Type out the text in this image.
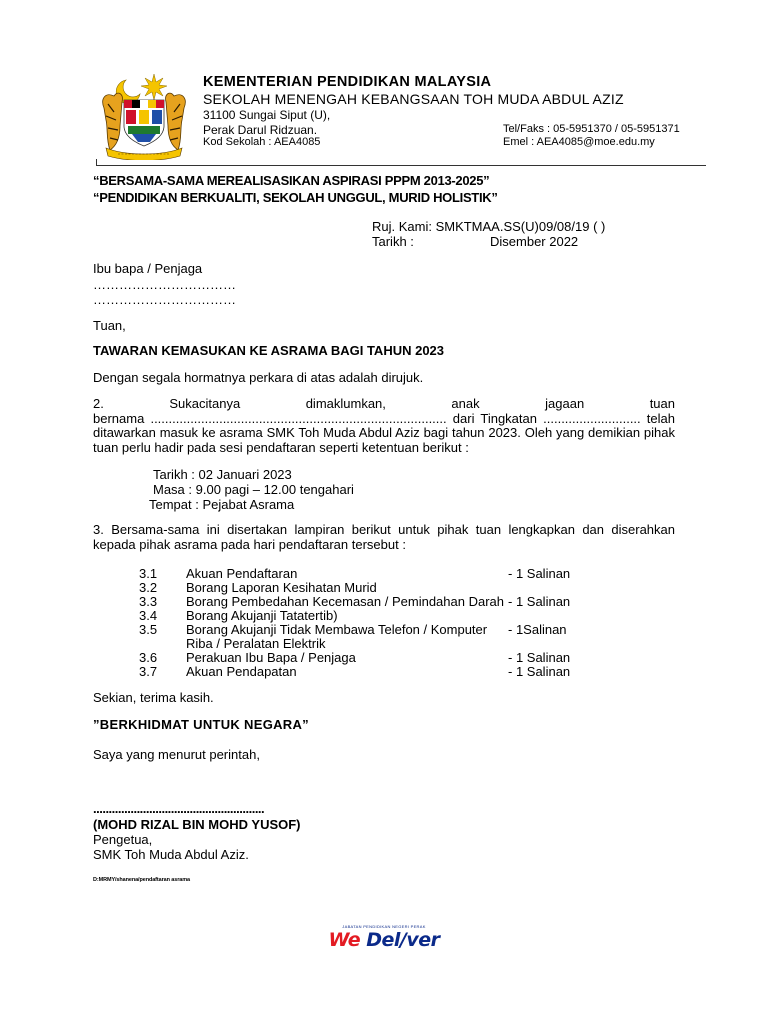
KEMENTERIAN PENDIDIKAN MALAYSIA
SEKOLAH MENENGAH KEBANGSAAN TOH MUDA ABDUL AZIZ
31100 Sungai Siput (U),
Perak Darul Ridzuan.
Kod Sekolah : AEA4085
Tel/Faks : 05-5951370 / 05-5951371
Emel : AEA4085@moe.edu.my
“BERSAMA-SAMA MEREALISASIKAN ASPIRASI PPPM 2013-2025”
“PENDIDIKAN BERKUALITI, SEKOLAH UNGGUL, MURID HOLISTIK”
Ruj. Kami: SMKTMAA.SS(U)09/08/19 ( )
Tarikh :	Disember 2022
Ibu bapa / Penjaga
……………………………
……………………………
Tuan,
TAWARAN KEMASUKAN KE ASRAMA BAGI TAHUN 2023
Dengan segala hormatnya perkara di atas adalah dirujuk.
2. Sukacitanya dimaklumkan, anak jagaan tuan
bernama .................................................................................. dari Tingkatan ........................... telah
ditawarkan masuk ke asrama SMK Toh Muda Abdul Aziz bagi tahun 2023. Oleh yang demikian pihak
tuan perlu hadir pada sesi pendaftaran seperti ketentuan berikut :
Tarikh : 02 Januari 2023
Masa : 9.00 pagi – 12.00 tengahari
Tempat : Pejabat Asrama
3. Bersama-sama ini disertakan lampiran berikut untuk pihak tuan lengkapkan dan diserahkan
kepada pihak asrama pada hari pendaftaran tersebut :
3.1 Akuan Pendaftaran	- 1 Salinan
3.2 Borang Laporan Kesihatan Murid
3.3 Borang Pembedahan Kecemasan / Pemindahan Darah - 1 Salinan
3.4 Borang Akujanji Tatatertib)
3.5 Borang Akujanji Tidak Membawa Telefon / Komputer - 1Salinan
Riba / Peralatan Elektrik
3.6 Perakuan Ibu Bapa / Penjaga	- 1 Salinan
3.7 Akuan Pendapatan	- 1 Salinan
Sekian, terima kasih.
”BERKHIDMAT UNTUK NEGARA”
Saya yang menurut perintah,
.......................................................
(MOHD RIZAL BIN MOHD YUSOF)
Pengetua,
SMK Toh Muda Abdul Aziz.
D:MRMY/shanena/pendaftaran asrama
JABATAN PENDIDIKAN NEGERI PERAK
We Del/ver
